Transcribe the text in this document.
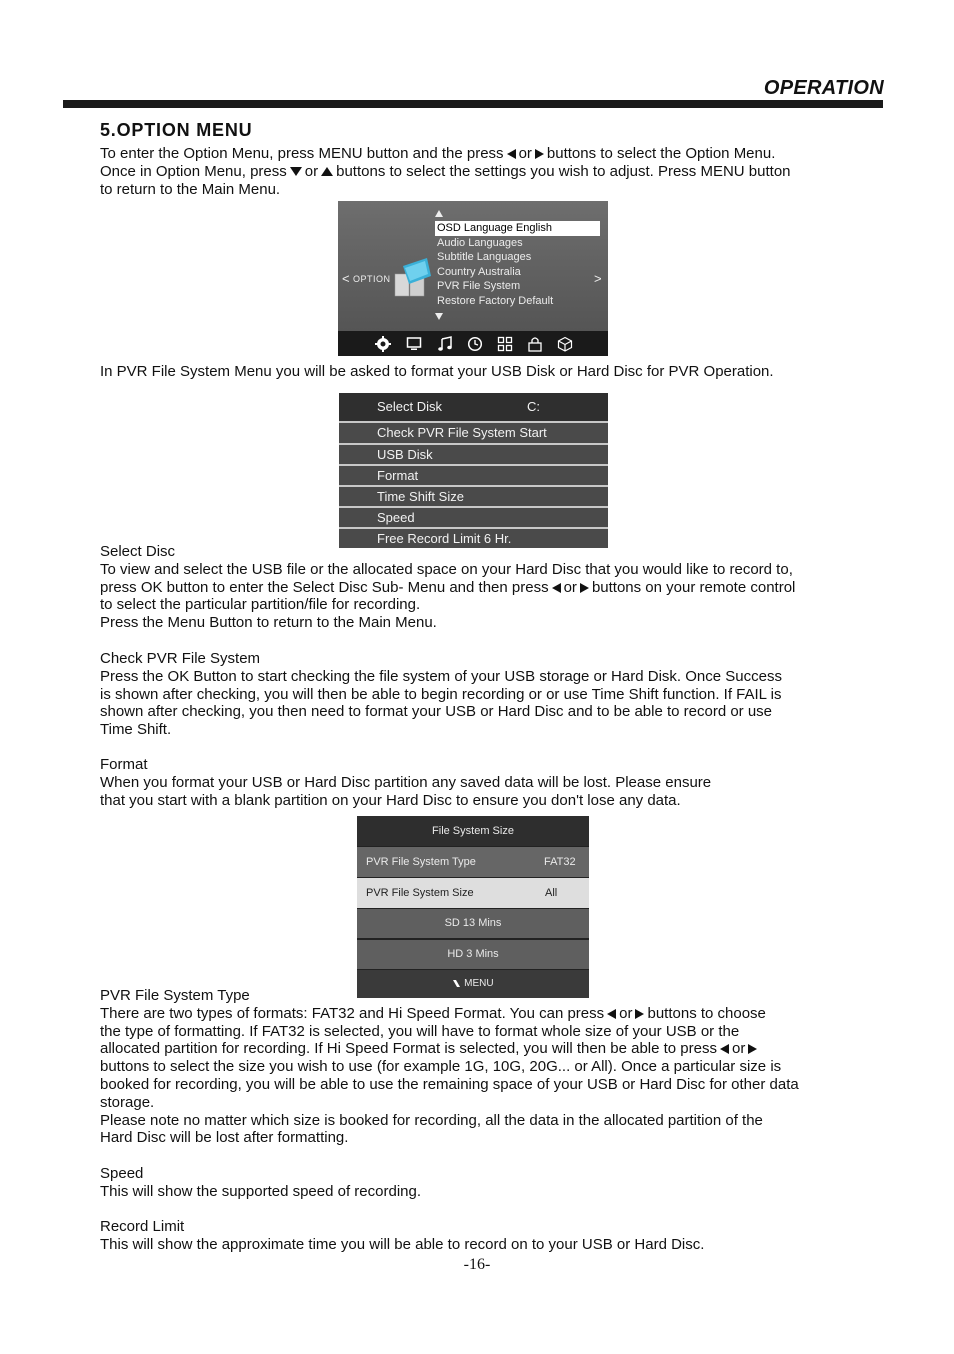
OPERATION
5.OPTION MENU
To enter the Option Menu, press MENU button and the press or buttons to select the Option Menu.
Once in Option Menu, press or buttons to select the settings you wish to adjust. Press MENU button
to return to the Main Menu.
OSD Language English
Audio Languages
Subtitle Languages
Country Australia
PVR File System
Restore Factory Default
< OPTION	>
In PVR File System Menu you will be asked to format your USB Disk or Hard Disc for PVR Operation.
Select Disk	C:
Check PVR File System Start
USB Disk
Format
Time Shift Size
Speed
Free Record Limit 6 Hr.
Select Disc
To view and select the USB file or the allocated space on your Hard Disc that you would like to record to,
press OK button to enter the Select Disc Sub- Menu and then press or buttons on your remote control
to select the particular partition/file for recording.
Press the Menu Button to return to the Main Menu.
Check PVR File System
Press the OK Button to start checking the file system of your USB storage or Hard Disk. Once Success
is shown after checking, you will then be able to begin recording or or use Time Shift function. If FAIL is
shown after checking, you then need to format your USB or Hard Disc and to be able to record or use
Time Shift.
Format
When you format your USB or Hard Disc partition any saved data will be lost. Please ensure
that you start with a blank partition on your Hard Disc to ensure you don't lose any data.
File System Size
PVR File System Type	FAT32
PVR File System Size	All
SD 13 Mins
HD 3 Mins
MENU
PVR File System Type
There are two types of formats: FAT32 and Hi Speed Format. You can press or buttons to choose
the type of formatting. If FAT32 is selected, you will have to format whole size of your USB or the
allocated partition for recording. If Hi Speed Format is selected, you will then be able to press or
buttons to select the size you wish to use (for example 1G, 10G, 20G... or All). Once a particular size is
booked for recording, you will be able to use the remaining space of your USB or Hard Disc for other data
storage.
Please note no matter which size is booked for recording, all the data in the allocated partition of the
Hard Disc will be lost after formatting.
Speed
This will show the supported speed of recording.
Record Limit
This will show the approximate time you will be able to record on to your USB or Hard Disc.
-16-
